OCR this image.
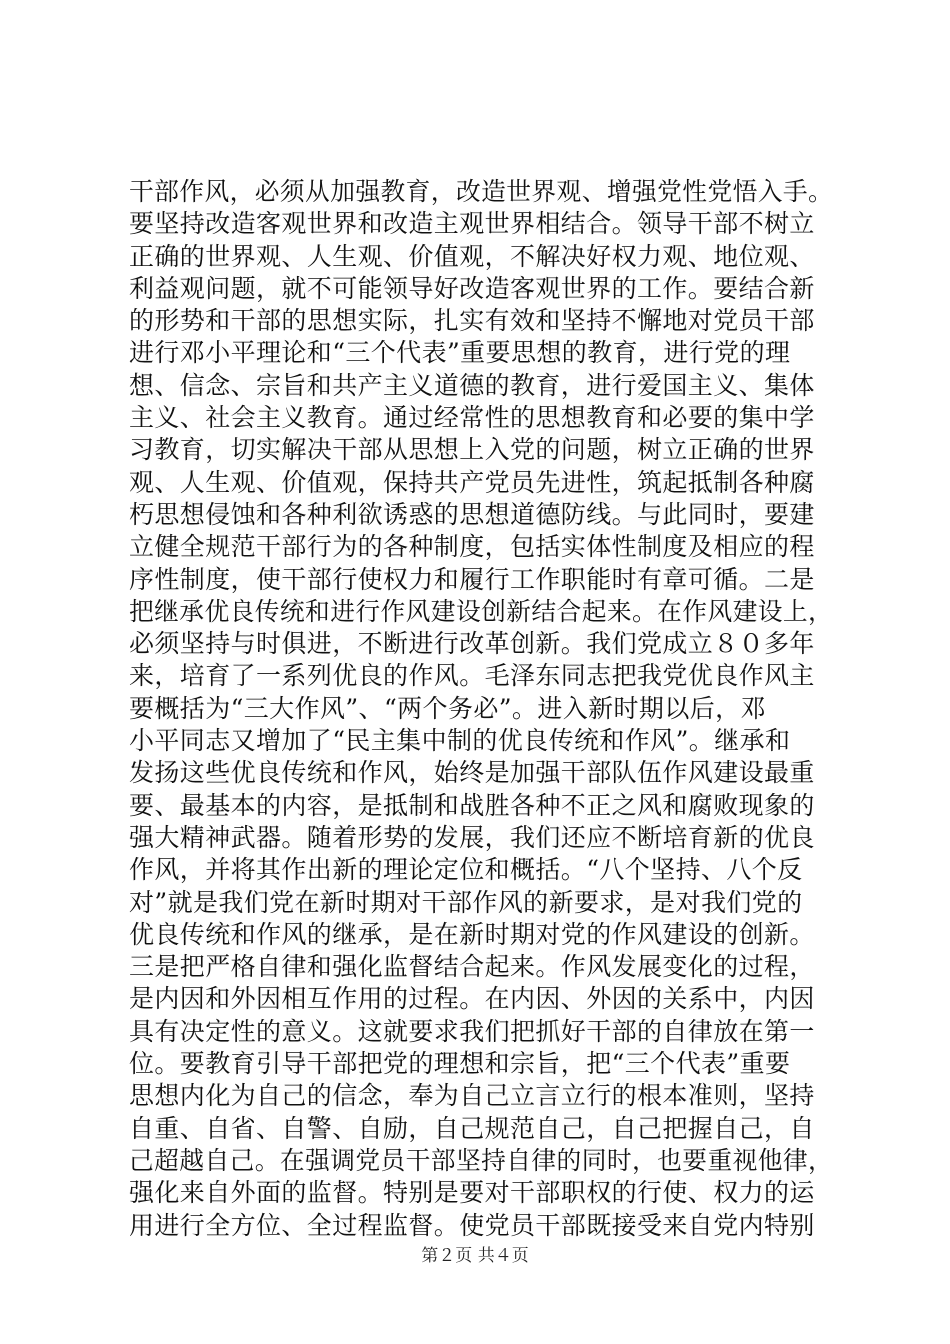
干部作风，必须从加强教育，改造世界观、增强党性党悟入手。
要坚持改造客观世界和改造主观世界相结合。领导干部不树立
正确的世界观、人生观、价值观，不解决好权力观、地位观、
利益观问题，就不可能领导好改造客观世界的工作。要结合新
的形势和干部的思想实际，扎实有效和坚持不懈地对党员干部
进行邓小平理论和“三个代表”重要思想的教育，进行党的理
想、信念、宗旨和共产主义道德的教育，进行爱国主义、集体
主义、社会主义教育。通过经常性的思想教育和必要的集中学
习教育，切实解决干部从思想上入党的问题，树立正确的世界
观、人生观、价值观，保持共产党员先进性，筑起抵制各种腐
朽思想侵蚀和各种利欲诱惑的思想道德防线。与此同时，要建
立健全规范干部行为的各种制度，包括实体性制度及相应的程
序性制度，使干部行使权力和履行工作职能时有章可循。二是
把继承优良传统和进行作风建设创新结合起来。在作风建设上，
必须坚持与时俱进，不断进行改革创新。我们党成立８０多年
来，培育了一系列优良的作风。毛泽东同志把我党优良作风主
要概括为“三大作风”、“两个务必”。进入新时期以后，邓
小平同志又增加了“民主集中制的优良传统和作风”。继承和
发扬这些优良传统和作风，始终是加强干部队伍作风建设最重
要、最基本的内容，是抵制和战胜各种不正之风和腐败现象的
强大精神武器。随着形势的发展，我们还应不断培育新的优良
作风，并将其作出新的理论定位和概括。“八个坚持、八个反
对”就是我们党在新时期对干部作风的新要求，是对我们党的
优良传统和作风的继承，是在新时期对党的作风建设的创新。
三是把严格自律和强化监督结合起来。作风发展变化的过程，
是内因和外因相互作用的过程。在内因、外因的关系中，内因
具有决定性的意义。这就要求我们把抓好干部的自律放在第一
位。要教育引导干部把党的理想和宗旨，把“三个代表”重要
思想内化为自己的信念，奉为自己立言立行的根本准则，坚持
自重、自省、自警、自励，自己规范自己，自己把握自己，自
己超越自己。在强调党员干部坚持自律的同时，也要重视他律，
强化来自外面的监督。特别是要对干部职权的行使、权力的运
用进行全方位、全过程监督。使党员干部既接受来自党内特别
第２页 共４页
